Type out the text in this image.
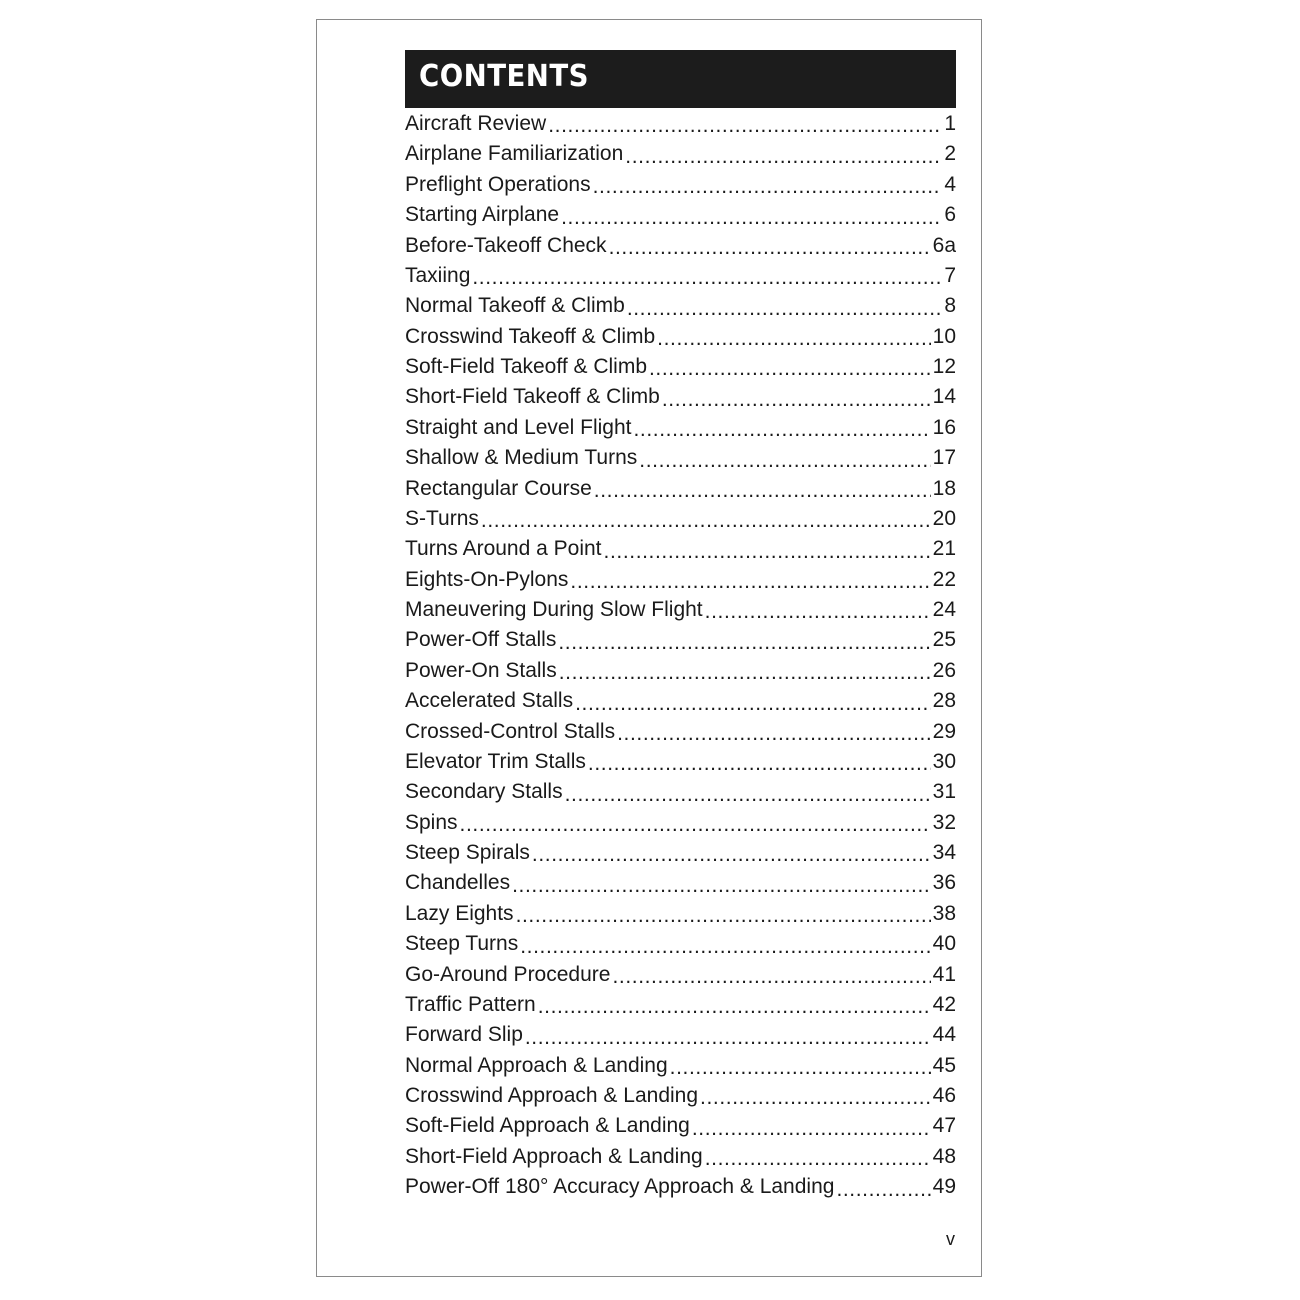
CONTENTS
Aircraft Review .....	1
Airplane Familiarization .....	2
Preflight Operations .....	4
Starting Airplane .....	6
Before-Takeoff Check .....	6a
Taxiing .....	7
Normal Takeoff & Climb .....	8
Crosswind Takeoff & Climb .....	10
Soft-Field Takeoff & Climb .....	12
Short-Field Takeoff & Climb .....	14
Straight and Level Flight .....	16
Shallow & Medium Turns .....	17
Rectangular Course .....	18
S-Turns .....	20
Turns Around a Point .....	21
Eights-On-Pylons .....	22
Maneuvering During Slow Flight .....	24
Power-Off Stalls .....	25
Power-On Stalls .....	26
Accelerated Stalls .....	28
Crossed-Control Stalls .....	29
Elevator Trim Stalls .....	30
Secondary Stalls .....	31
Spins .....	32
Steep Spirals .....	34
Chandelles .....	36
Lazy Eights .....	38
Steep Turns .....	40
Go-Around Procedure .....	41
Traffic Pattern .....	42
Forward Slip .....	44
Normal Approach & Landing .....	45
Crosswind Approach & Landing .....	46
Soft-Field Approach & Landing .....	47
Short-Field Approach & Landing .....	48
Power-Off 180° Accuracy Approach & Landing .....	49
v
